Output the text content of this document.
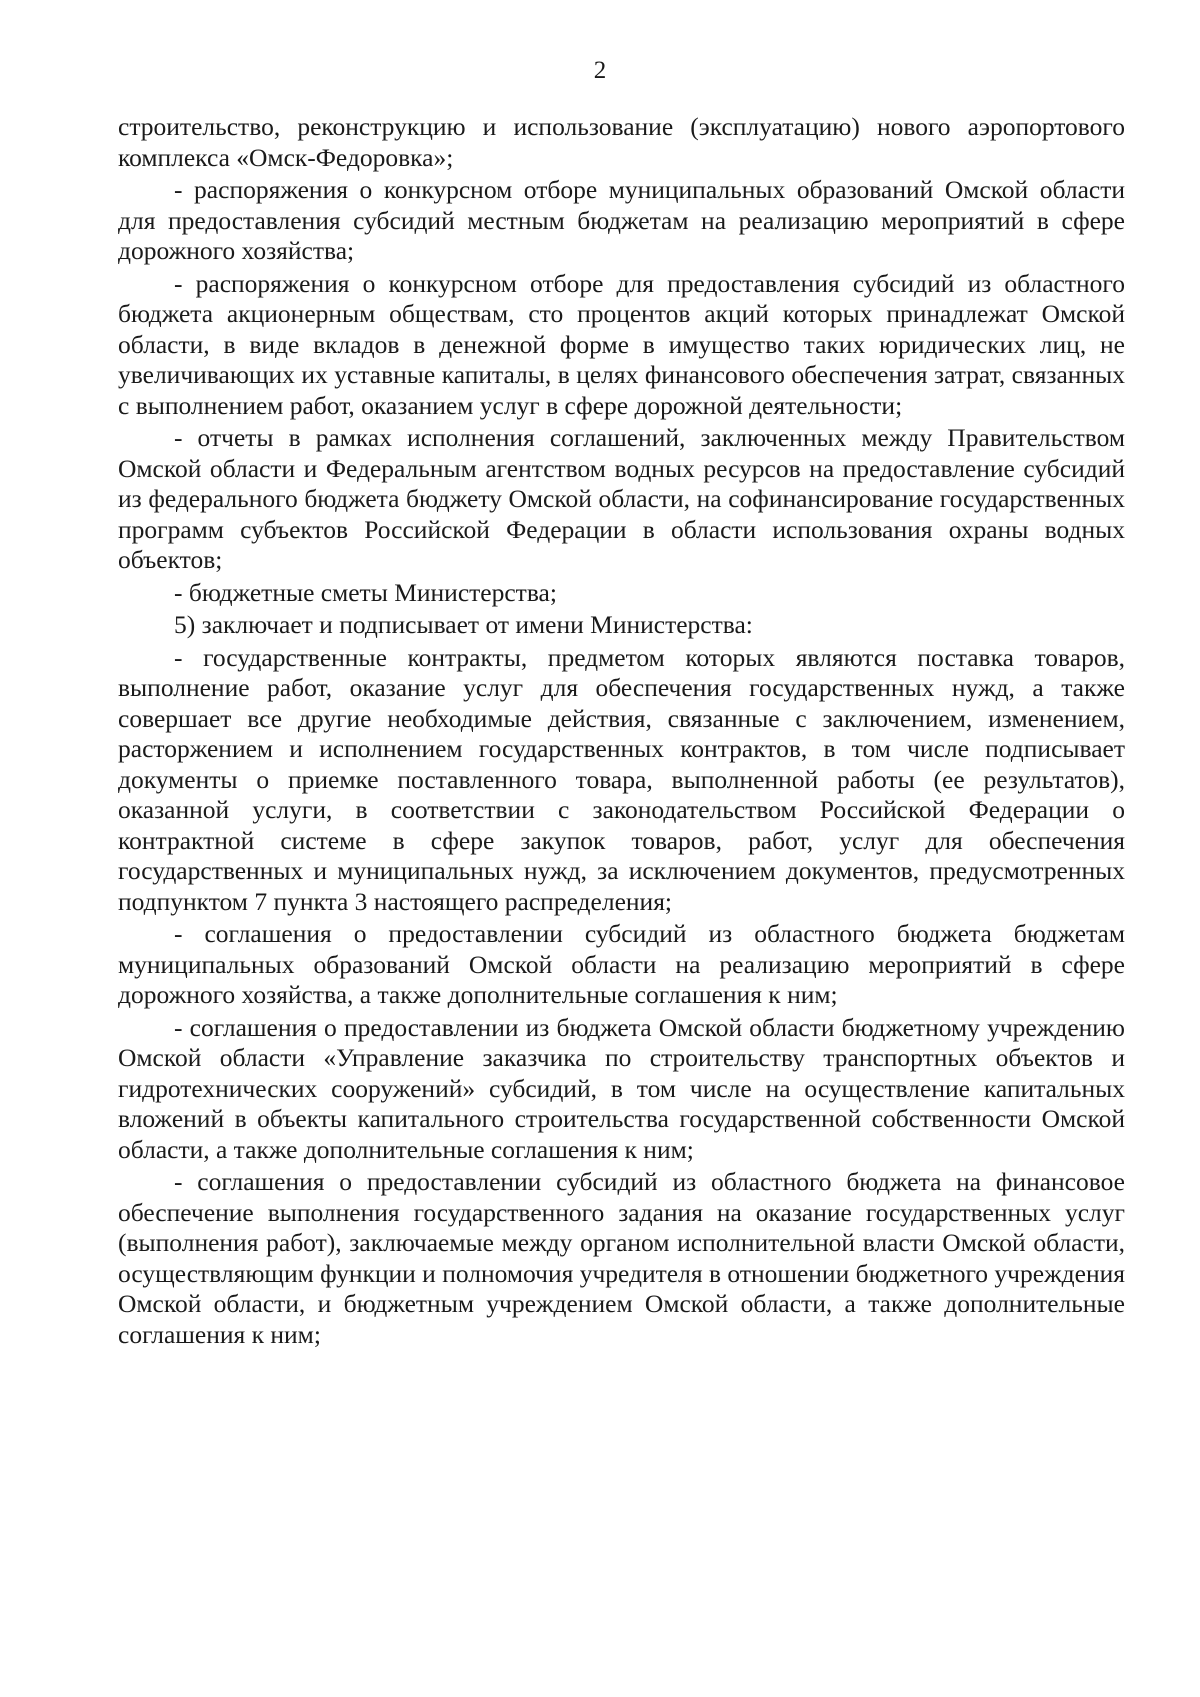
2

строительство, реконструкцию и использование (эксплуатацию) нового аэропортового комплекса «Омск-Федоровка»;

- распоряжения о конкурсном отборе муниципальных образований Омской области для предоставления субсидий местным бюджетам на реализацию мероприятий в сфере дорожного хозяйства;

- распоряжения о конкурсном отборе для предоставления субсидий из областного бюджета акционерным обществам, сто процентов акций которых принадлежат Омской области, в виде вкладов в денежной форме в имущество таких юридических лиц, не увеличивающих их уставные капиталы, в целях финансового обеспечения затрат, связанных с выполнением работ, оказанием услуг в сфере дорожной деятельности;

- отчеты в рамках исполнения соглашений, заключенных между Правительством Омской области и Федеральным агентством водных ресурсов на предоставление субсидий из федерального бюджета бюджету Омской области, на софинансирование государственных программ субъектов Российской Федерации в области использования охраны водных объектов;

- бюджетные сметы Министерства;

5) заключает и подписывает от имени Министерства:

- государственные контракты, предметом которых являются поставка товаров, выполнение работ, оказание услуг для обеспечения государственных нужд, а также совершает все другие необходимые действия, связанные с заключением, изменением, расторжением и исполнением государственных контрактов, в том числе подписывает документы о приемке поставленного товара, выполненной работы (ее результатов), оказанной услуги, в соответствии с законодательством Российской Федерации о контрактной системе в сфере закупок товаров, работ, услуг для обеспечения государственных и муниципальных нужд, за исключением документов, предусмотренных подпунктом 7 пункта 3 настоящего распределения;

- соглашения о предоставлении субсидий из областного бюджета бюджетам муниципальных образований Омской области на реализацию мероприятий в сфере дорожного хозяйства, а также дополнительные соглашения к ним;

- соглашения о предоставлении из бюджета Омской области бюджетному учреждению Омской области «Управление заказчика по строительству транспортных объектов и гидротехнических сооружений» субсидий, в том числе на осуществление капитальных вложений в объекты капитального строительства государственной собственности Омской области, а также дополнительные соглашения к ним;

- соглашения о предоставлении субсидий из областного бюджета на финансовое обеспечение выполнения государственного задания на оказание государственных услуг (выполнения работ), заключаемые между органом исполнительной власти Омской области, осуществляющим функции и полномочия учредителя в отношении бюджетного учреждения Омской области, и бюджетным учреждением Омской области, а также дополнительные соглашения к ним;
